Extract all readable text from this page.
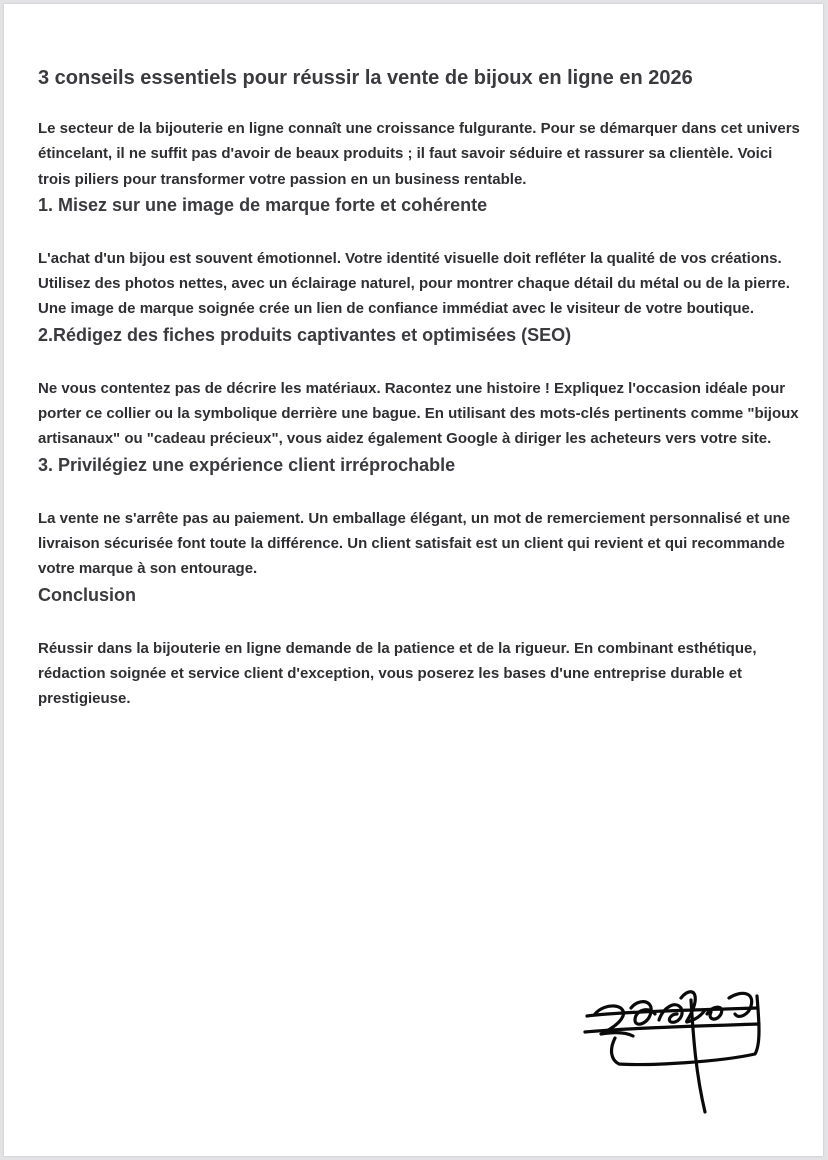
3 conseils essentiels pour réussir la vente de bijoux en ligne en 2026

Le secteur de la bijouterie en ligne connaît une croissance fulgurante. Pour se démarquer dans cet univers étincelant, il ne suffit pas d'avoir de beaux produits ; il faut savoir séduire et rassurer sa clientèle. Voici trois piliers pour transformer votre passion en un business rentable.

1. Misez sur une image de marque forte et cohérente

L'achat d'un bijou est souvent émotionnel. Votre identité visuelle doit refléter la qualité de vos créations. Utilisez des photos nettes, avec un éclairage naturel, pour montrer chaque détail du métal ou de la pierre. Une image de marque soignée crée un lien de confiance immédiat avec le visiteur de votre boutique.

2.Rédigez des fiches produits captivantes et optimisées (SEO)

Ne vous contentez pas de décrire les matériaux. Racontez une histoire ! Expliquez l'occasion idéale pour porter ce collier ou la symbolique derrière une bague. En utilisant des mots-clés pertinents comme "bijoux artisanaux" ou "cadeau précieux", vous aidez également Google à diriger les acheteurs vers votre site.

3. Privilégiez une expérience client irréprochable

La vente ne s'arrête pas au paiement. Un emballage élégant, un mot de remerciement personnalisé et une livraison sécurisée font toute la différence. Un client satisfait est un client qui revient et qui recommande votre marque à son entourage.

Conclusion

Réussir dans la bijouterie en ligne demande de la patience et de la rigueur. En combinant esthétique, rédaction soignée et service client d'exception, vous poserez les bases d'une entreprise durable et prestigieuse.
